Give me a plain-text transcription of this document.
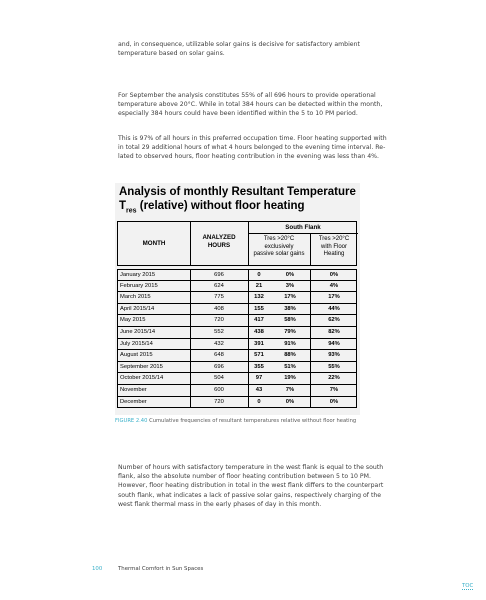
and, in consequence, utilizable solar gains is decisive for satisfactory ambient

temperature based on solar gains.

For September the analysis constitutes 55% of all 696 hours to provide operational

temperature above 20°C. While in total 384 hours can be detected within the month,

especially 384 hours could have been identified within the 5 to 10 PM period.

This is 97% of all hours in this preferred occupation time. Floor heating supported with

in total 29 additional hours of what 4 hours belonged to the evening time interval. Re-

lated to observed hours, floor heating contribution in the evening was less than 4%.

Analysis of monthly Resultant Temperature
$T_{res}$ (relative) without floor heating
MONTH
ANALYZED
HOURS
South Flank
Tres >20°C
exclusively
passive solar gains
Tres >20°C
with Floor
Heating
January 2015	696	0	0%	0%
February 2015	624	21	3%	4%
March 2015	775	132	17%	17%
April 2015/14	408	155	38%	44%
May 2015	720	417	58%	62%
June 2015/14	552	438	79%	82%
July 2015/14	432	391	91%	94%
August 2015	648	571	88%	93%
September 2015	696	355	51%	55%
October 2015/14	504	97	19%	22%
November	600	43	7%	7%
December	720	0	0%	0%
FIGURE 2.40 Cumulative frequencies of resultant temperatures relative without floor heating

Number of hours with satisfactory temperature in the west flank is equal to the south

flank, also the absolute number of floor heating contribution between 5 to 10 PM.

However, floor heating distribution in total in the west flank differs to the counterpart

south flank, what indicates a lack of passive solar gains, respectively charging of the

west flank thermal mass in the early phases of day in this month.

100	Thermal Comfort in Sun Spaces
TOC
